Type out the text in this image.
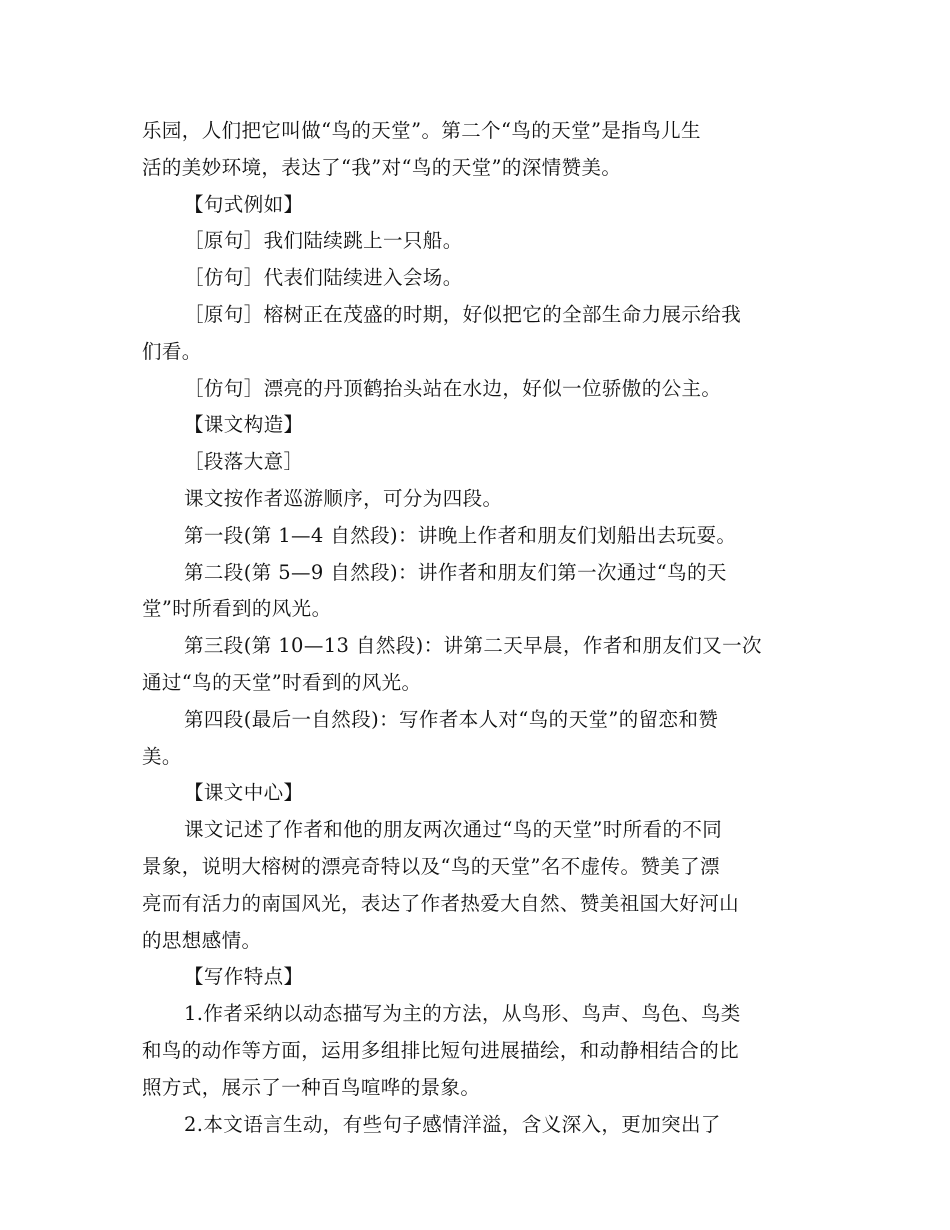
乐园，人们把它叫做“鸟的天堂”。第二个“鸟的天堂”是指鸟儿生

活的美妙环境，表达了“我”对“鸟的天堂”的深情赞美。

【句式例如】

［原句］我们陆续跳上一只船。

［仿句］代表们陆续进入会场。

［原句］榕树正在茂盛的时期，好似把它的全部生命力展示给我

们看。

［仿句］漂亮的丹顶鹤抬头站在水边，好似一位骄傲的公主。

【课文构造】

［段落大意］

课文按作者巡游顺序，可分为四段。

第一段(第 1—4 自然段)：讲晚上作者和朋友们划船出去玩耍。

第二段(第 5—9 自然段)：讲作者和朋友们第一次通过“鸟的天

堂”时所看到的风光。

第三段(第 10—13 自然段)：讲第二天早晨，作者和朋友们又一次

通过“鸟的天堂”时看到的风光。

第四段(最后一自然段)：写作者本人对“鸟的天堂”的留恋和赞

美。

【课文中心】

课文记述了作者和他的朋友两次通过“鸟的天堂”时所看的不同

景象，说明大榕树的漂亮奇特以及“鸟的天堂”名不虚传。赞美了漂

亮而有活力的南国风光，表达了作者热爱大自然、赞美祖国大好河山

的思想感情。

【写作特点】

1.作者采纳以动态描写为主的方法，从鸟形、鸟声、鸟色、鸟类

和鸟的动作等方面，运用多组排比短句进展描绘，和动静相结合的比

照方式，展示了一种百鸟喧哗的景象。

2.本文语言生动，有些句子感情洋溢，含义深入，更加突出了
